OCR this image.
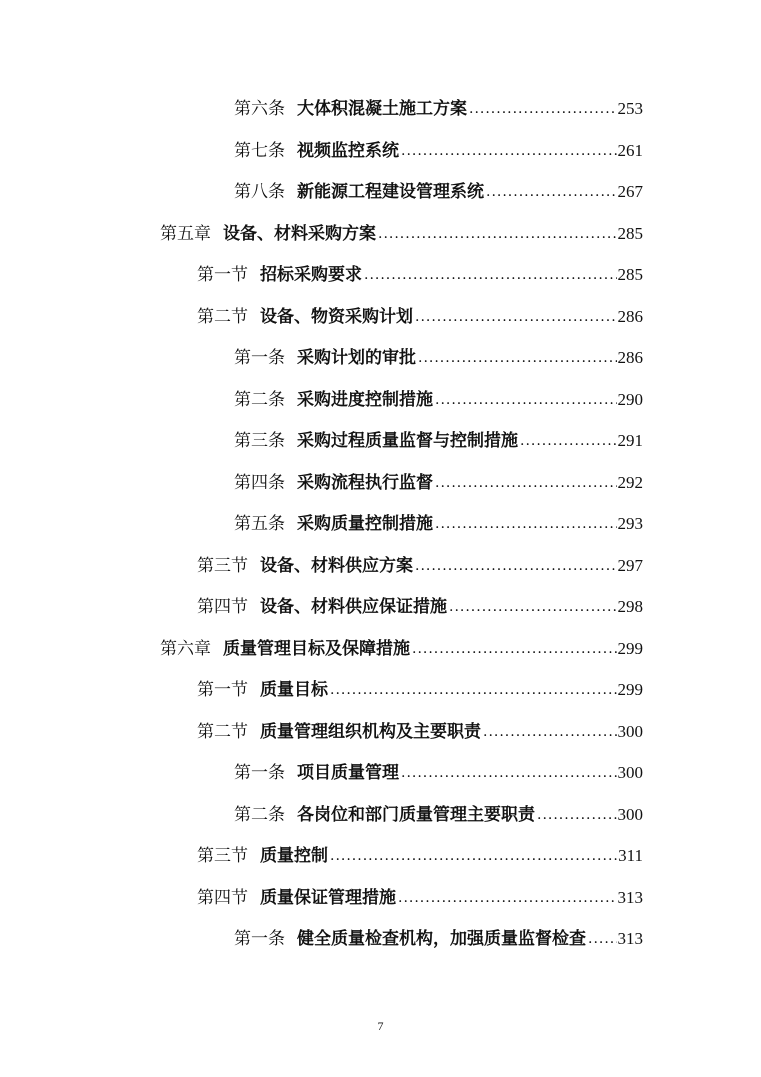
第六条 大体积混凝土施工方案 .....	253
第七条 视频监控系统 .....	261
第八条 新能源工程建设管理系统 .....	267
第五章 设备、材料采购方案 .....	285
第一节 招标采购要求 .....	285
第二节 设备、物资采购计划 .....	286
第一条 采购计划的审批 .....	286
第二条 采购进度控制措施 .....	290
第三条 采购过程质量监督与控制措施 .....	291
第四条 采购流程执行监督 .....	292
第五条 采购质量控制措施 .....	293
第三节 设备、材料供应方案 .....	297
第四节 设备、材料供应保证措施 .....	298
第六章 质量管理目标及保障措施 .....	299
第一节 质量目标 .....	299
第二节 质量管理组织机构及主要职责 .....	300
第一条 项目质量管理 .....	300
第二条 各岗位和部门质量管理主要职责 .....	300
第三节 质量控制 .....	311
第四节 质量保证管理措施 .....	313
第一条 健全质量检查机构，加强质量监督检查 ..... 313
7
